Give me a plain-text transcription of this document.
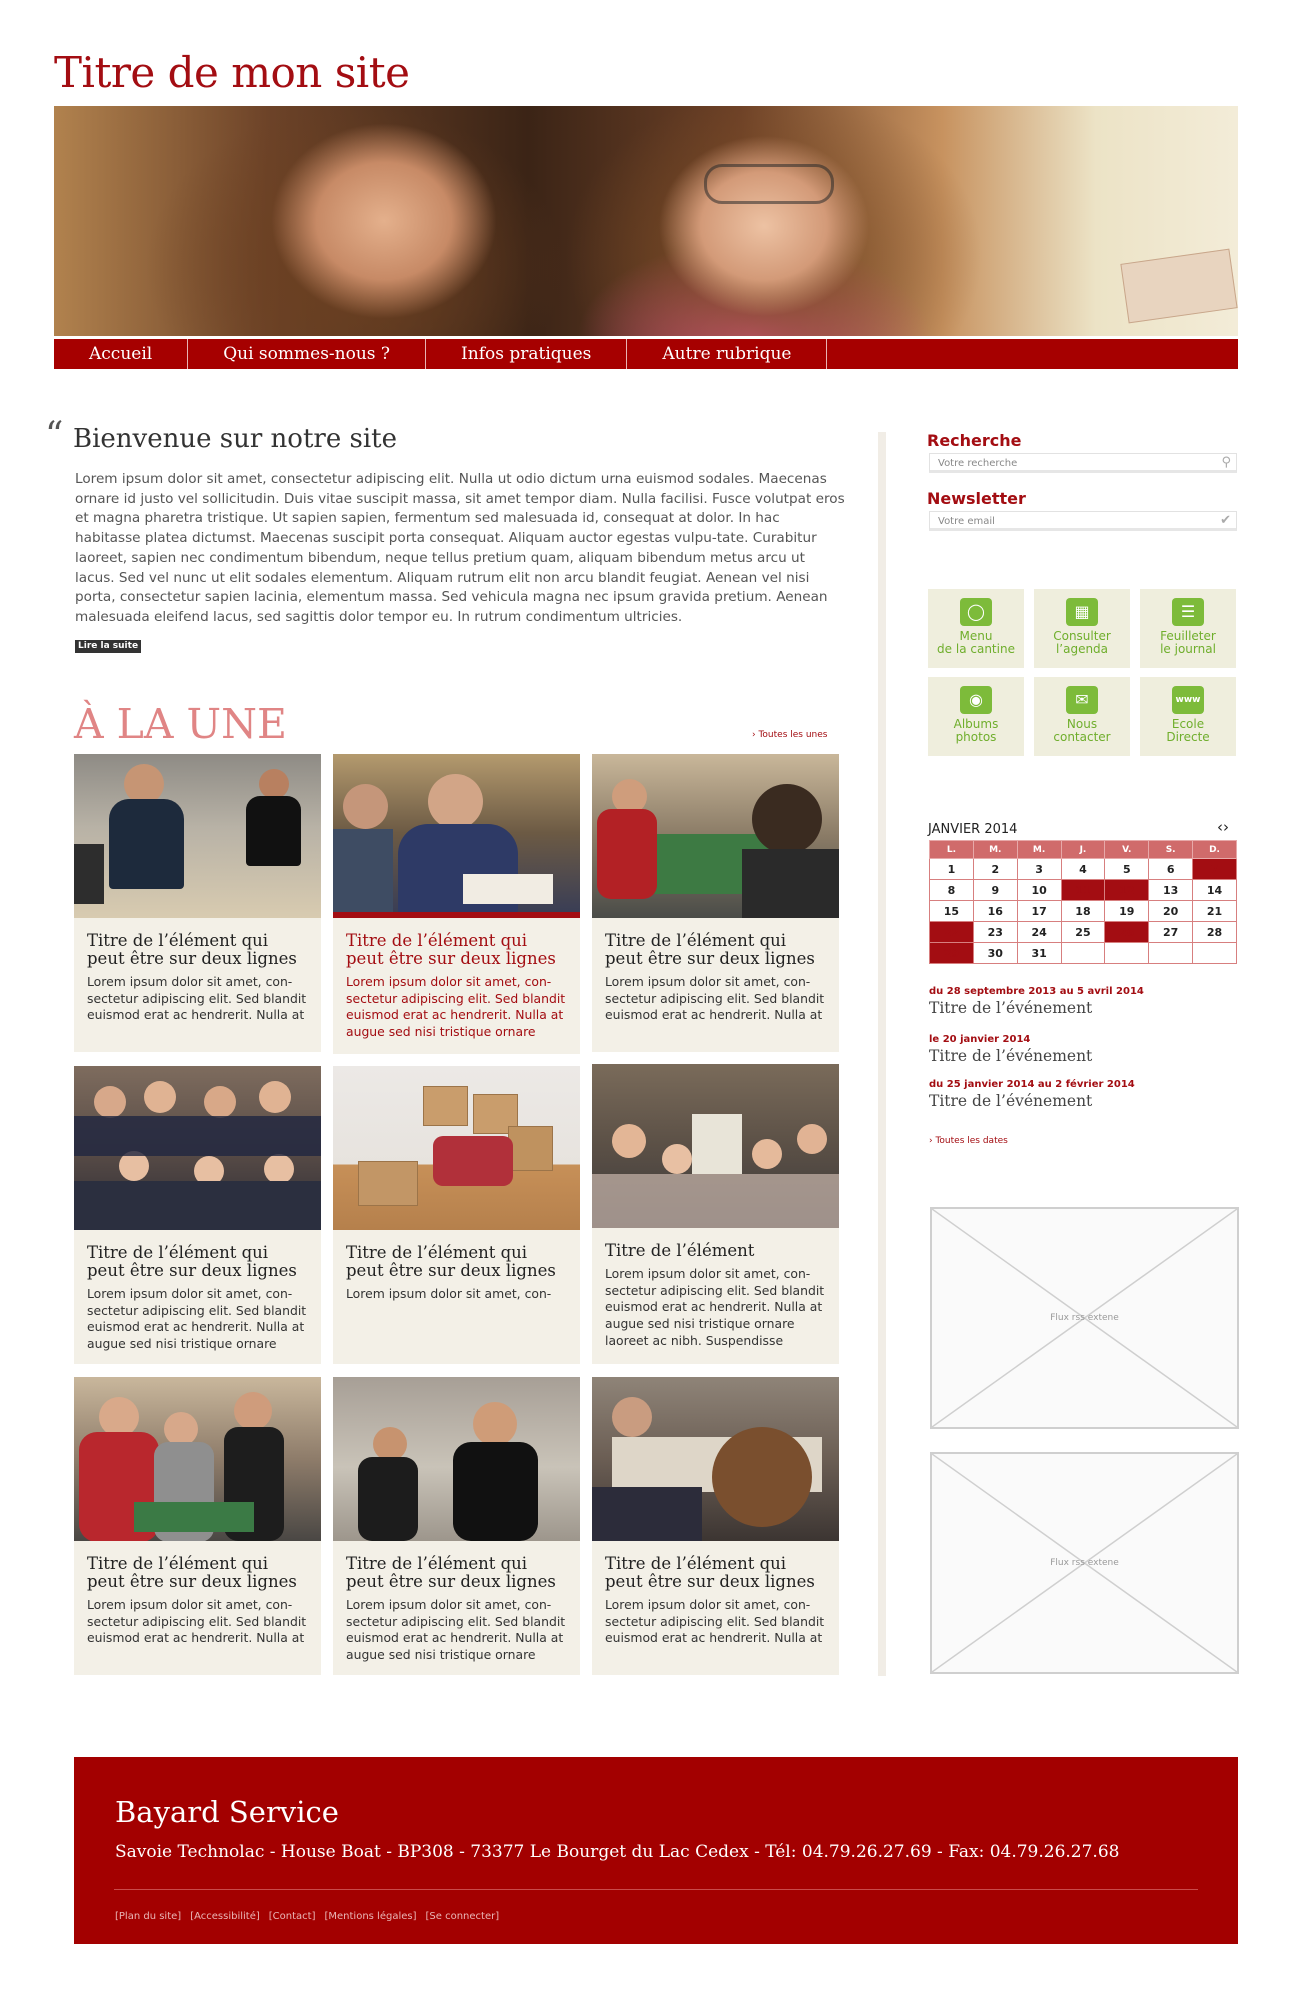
Titre de mon site
Accueil	Qui sommes-nous ?	Infos pratiques	Autre rubrique
“ Bienvenue sur notre site

Lorem ipsum dolor sit amet, consectetur adipiscing elit. Nulla ut odio dictum urna euismod sodales. Maecenas ornare id justo vel sollicitudin. Duis vitae suscipit massa, sit amet tempor diam. Nulla facilisi. Fusce volutpat eros et magna pharetra tristique. Ut sapien sapien, fermentum sed malesuada id, consequat at dolor. In hac habitasse platea dictumst. Maecenas suscipit porta consequat. Aliquam auctor egestas vulpu-tate. Curabitur laoreet, sapien nec condimentum bibendum, neque tellus pretium quam, aliquam bibendum metus arcu ut lacus. Sed vel nunc ut elit sodales elementum. Aliquam rutrum elit non arcu blandit feugiat. Aenean vel nisi porta, consectetur sapien lacinia, elementum massa. Sed vehicula magna nec ipsum gravida pretium. Aenean malesuada eleifend lacus, sed sagittis dolor tempor eu. In rutrum condimentum ultricies.

Lire la suite
À LA UNE	› Toutes les unes
Titre de l’élément qui peut être sur deux lignes
Lorem ipsum dolor sit amet, con-sectetur adipiscing elit. Sed blandit euismod erat ac hendrerit. Nulla at
Titre de l’élément qui peut être sur deux lignes
Lorem ipsum dolor sit amet, con-sectetur adipiscing elit. Sed blandit euismod erat ac hendrerit. Nulla at augue sed nisi tristique ornare
Titre de l’élément qui peut être sur deux lignes
Lorem ipsum dolor sit amet, con-sectetur adipiscing elit. Sed blandit euismod erat ac hendrerit. Nulla at
Titre de l’élément qui peut être sur deux lignes
Lorem ipsum dolor sit amet, con-sectetur adipiscing elit. Sed blandit euismod erat ac hendrerit. Nulla at augue sed nisi tristique ornare
Titre de l’élément qui peut être sur deux lignes
Lorem ipsum dolor sit amet, con-
Titre de l’élément
Lorem ipsum dolor sit amet, con-sectetur adipiscing elit. Sed blandit euismod erat ac hendrerit. Nulla at augue sed nisi tristique ornare laoreet ac nibh. Suspendisse
Titre de l’élément qui peut être sur deux lignes
Lorem ipsum dolor sit amet, con-sectetur adipiscing elit. Sed blandit euismod erat ac hendrerit. Nulla at
Titre de l’élément qui peut être sur deux lignes
Lorem ipsum dolor sit amet, con-sectetur adipiscing elit. Sed blandit euismod erat ac hendrerit. Nulla at augue sed nisi tristique ornare
Titre de l’élément qui peut être sur deux lignes
Lorem ipsum dolor sit amet, con-sectetur adipiscing elit. Sed blandit euismod erat ac hendrerit. Nulla at
Recherche
Votre recherche	⚲
Newsletter
Votre email	✔
◯
Menu
de la cantine
▦
Consulter
l’agenda
☰
Feuilleter
le journal
◉
Albums
photos
✉
Nous
contacter
www
Ecole
Directe
JANVIER 2014	‹›
L.	M.	M.	J.	V.	S.	D.
1	2	3	4	5	6	7
8	9	10	11	12	13	14
15	16	17	18	19	20	21
22	23	24	25	26	27	28
29	30	31				
du 28 septembre 2013 au 5 avril 2014
Titre de l’événement
le 20 janvier 2014
Titre de l’événement
du 25 janvier 2014 au 2 février 2014
Titre de l’événement
› Toutes les dates
Flux rss extene
Flux rss extene
Bayard Service
Savoie Technolac - House Boat - BP308 - 73377 Le Bourget du Lac Cedex - Tél: 04.79.26.27.69 - Fax: 04.79.26.27.68
[Plan du site] [Accessibilité] [Contact] [Mentions légales] [Se connecter]
